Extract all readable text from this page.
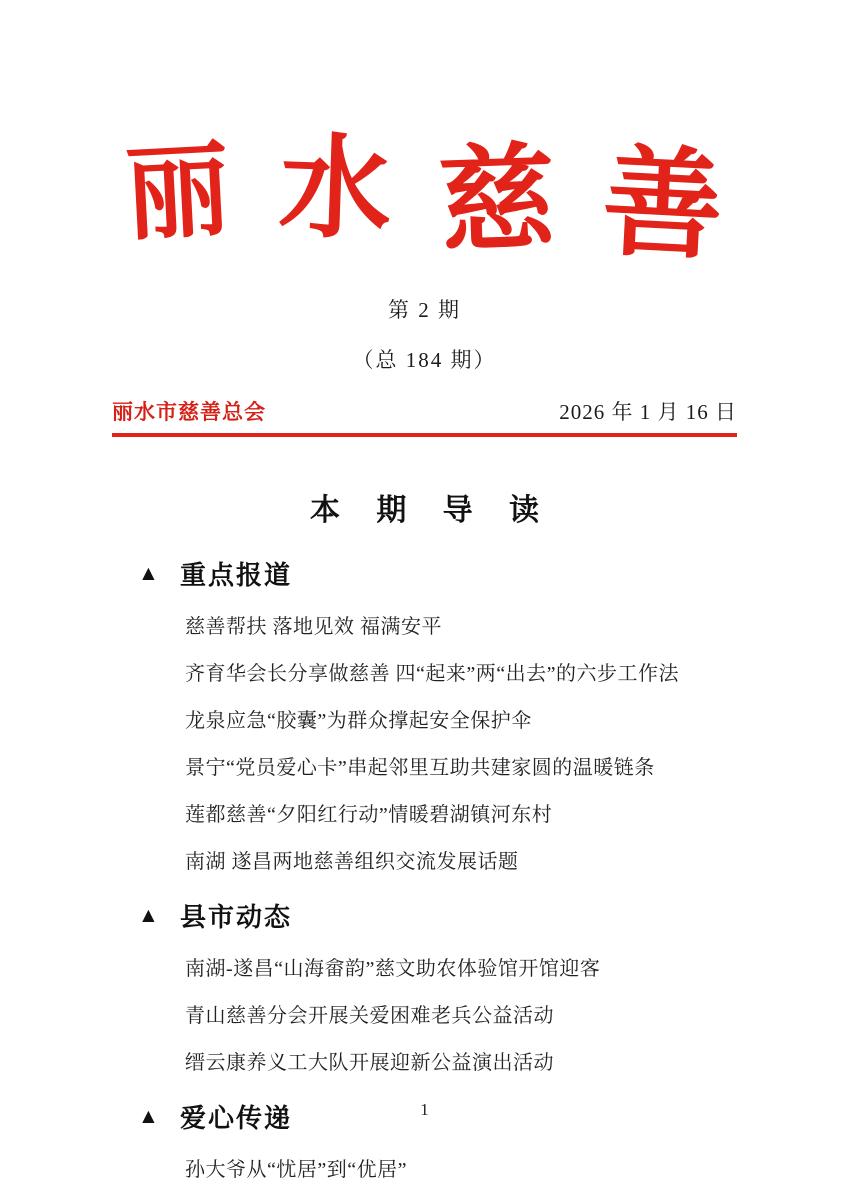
丽 水 慈 善
第 2 期
（总 184 期）
丽水市慈善总会	2026 年 1 月 16 日
本 期 导 读
▲ 重点报道
慈善帮扶 落地见效 福满安平
齐育华会长分享做慈善 四“起来”两“出去”的六步工作法
龙泉应急“胶囊”为群众撑起安全保护伞
景宁“党员爱心卡”串起邻里互助共建家圆的温暖链条
莲都慈善“夕阳红行动”情暖碧湖镇河东村
南湖 遂昌两地慈善组织交流发展话题
▲ 县市动态
南湖-遂昌“山海畲韵”慈文助农体验馆开馆迎客
青山慈善分会开展关爱困难老兵公益活动
缙云康养义工大队开展迎新公益演出活动
▲ 爱心传递
孙大爷从“忧居”到“优居”
1
